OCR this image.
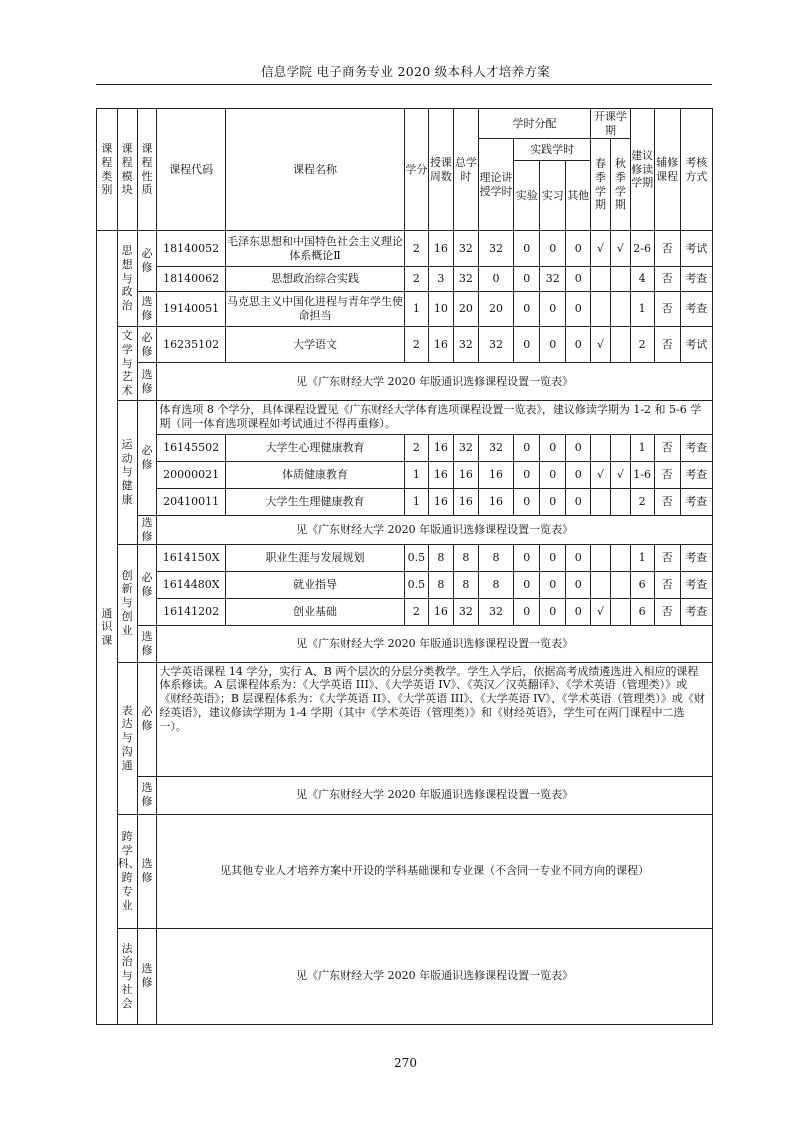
信息学院 电子商务专业 2020 级本科人才培养方案
课程类别	课程模块	课程性质	课程代码	课程名称	学分	授课周数	总学时	学时分配				开课学期		建议修读学期	辅修课程	考核方式
								理论讲授学时	实践学时			春季学期	秋季学期			
									实验	实习	其他					
通识课	思想与政治	必修	18140052	毛泽东思想和中国特色社会主义理论体系概论Ⅱ	2	16	32	32	0	0	0	√	√	2-6	否	考试
			18140062	思想政治综合实践	2	3	32	0	0	32	0			4	否	考查
		选修	19140051	马克思主义中国化进程与青年学生使命担当	1	10	20	20	0	0	0			1	否	考查
	文学与艺术	必修	16235102	大学语文	2	16	32	32	0	0	0	√		2	否	考试
		选修	见《广东财经大学 2020 年版通识选修课程设置一览表》													
	运动与健康	必修	体育选项 8 个学分，具体课程设置见《广东财经大学体育选项课程设置一览表》，建议修读学期为 1-2 和 5-6 学期（同一体育选项课程如考试通过不得再重修）。													
			16145502	大学生心理健康教育	2	16	32	32	0	0	0			1	否	考查
			20000021	体质健康教育	1	16	16	16	0	0	0	√	√	1-6	否	考查
			20410011	大学生生理健康教育	1	16	16	16	0	0	0			2	否	考查
		选修	见《广东财经大学 2020 年版通识选修课程设置一览表》													
	创新与创业	必修	1614150X	职业生涯与发展规划	0.5	8	8	8	0	0	0			1	否	考查
			1614480X	就业指导	0.5	8	8	8	0	0	0			6	否	考查
			16141202	创业基础	2	16	32	32	0	0	0	√		6	否	考查
		选修	见《广东财经大学 2020 年版通识选修课程设置一览表》													
	表达与沟通	必修	大学英语课程 14 学分，实行 A、B 两个层次的分层分类教学。学生入学后，依据高考成绩遴选进入相应的课程体系修读。A 层课程体系为：《大学英语 III》、《大学英语 IV》、《英汉／汉英翻译》、《学术英语（管理类）》或《财经英语》；B 层课程体系为：《大学英语 II》、《大学英语 III》、《大学英语 IV》、《学术英语（管理类）》或《财经英语》，建议修读学期为 1-4 学期（其中《学术英语（管理类）》和《财经英语》，学生可在两门课程中二选一）。													
		选修	见《广东财经大学 2020 年版通识选修课程设置一览表》													
	跨学科、跨专业	选修	见其他专业人才培养方案中开设的学科基础课和专业课（不含同一专业不同方向的课程）													
	法治与社会	选修	见《广东财经大学 2020 年版通识选修课程设置一览表》													
270
